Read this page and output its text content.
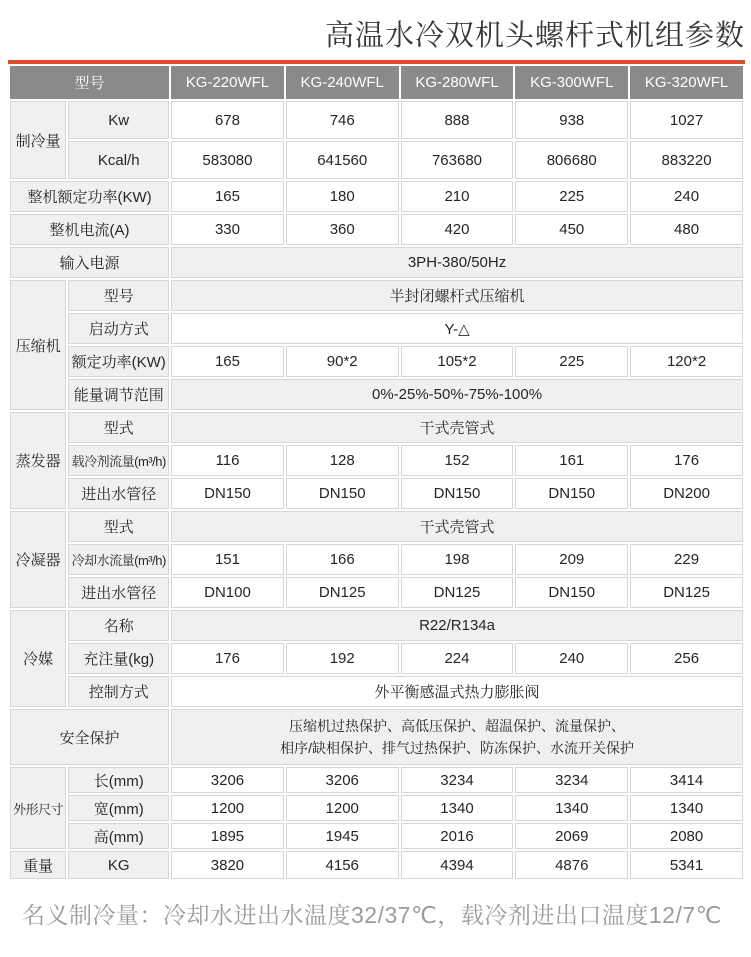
高温水冷双机头螺杆式机组参数
型号		KG-220WFL	KG-240WFL	KG-280WFL	KG-300WFL	KG-320WFL
制冷量	Kw	678	746	888	938	1027
	Kcal/h	583080	641560	763680	806680	883220
整机额定功率(KW)		165	180	210	225	240
整机电流(A)		330	360	420	450	480
输入电源		3PH-380/50Hz				
压缩机	型号	半封闭螺杆式压缩机				
	启动方式	Y-△				
	额定功率(KW)	165	90*2	105*2	225	120*2
	能量调节范围	0%-25%-50%-75%-100%				
蒸发器	型式	干式壳管式				
	载冷剂流量(m³/h)	116	128	152	161	176
	进出水管径	DN150	DN150	DN150	DN150	DN200
冷凝器	型式	干式壳管式				
	冷却水流量(m³/h)	151	166	198	209	229
	进出水管径	DN100	DN125	DN125	DN150	DN125
冷媒	名称	R22/R134a				
	充注量(kg)	176	192	224	240	256
	控制方式	外平衡感温式热力膨胀阀				
安全保护		压缩机过热保护、高低压保护、超温保护、流量保护、
相序/缺相保护、排气过热保护、防冻保护、水流开关保护				

外形尺寸	长(mm)	3206	3206	3234	3234	3414
	宽(mm)	1200	1200	1340	1340	1340
	高(mm)	1895	1945	2016	2069	2080
重量	KG	3820	4156	4394	4876	5341
名义制冷量：冷却水进出水温度32/37℃，载冷剂进出口温度12/7℃
